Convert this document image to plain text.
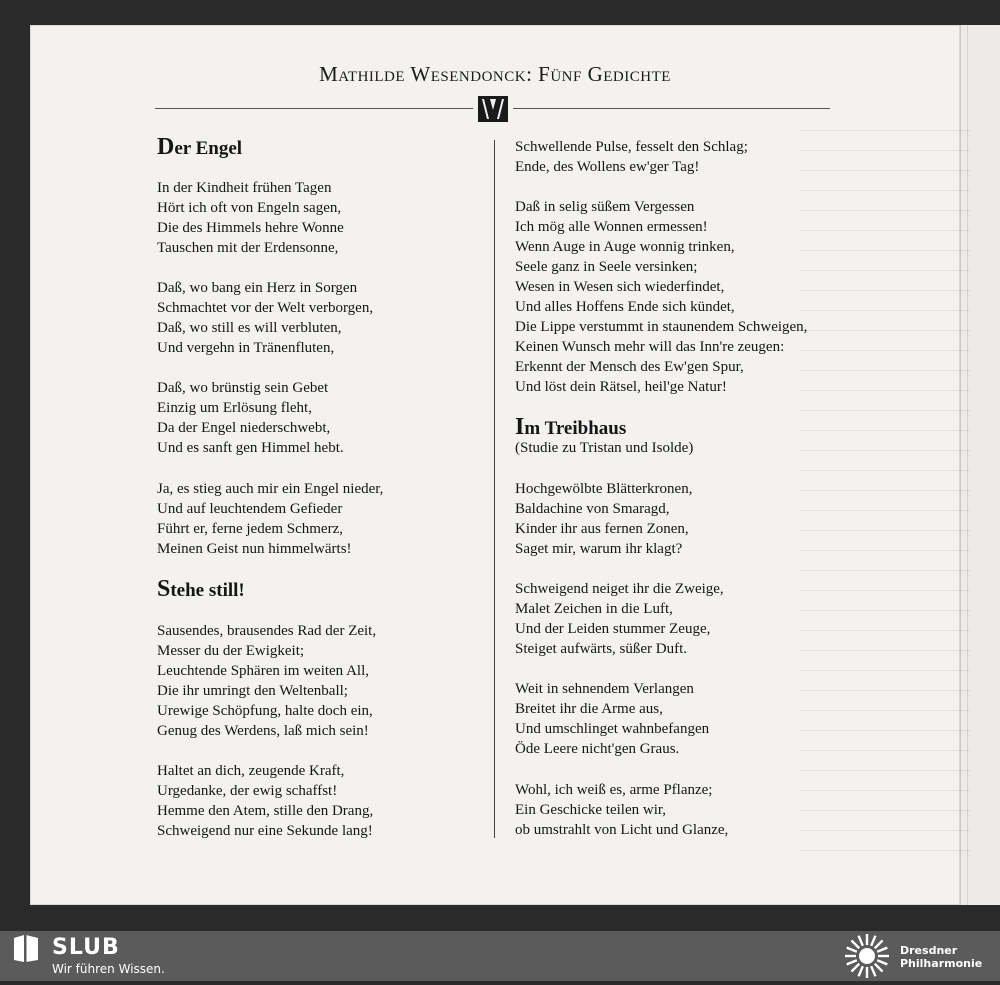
Mathilde Wesendonck: Fünf Gedichte
Der Engel
In der Kindheit frühen Tagen
Hört ich oft von Engeln sagen,
Die des Himmels hehre Wonne
Tauschen mit der Erdensonne,
Daß, wo bang ein Herz in Sorgen
Schmachtet vor der Welt verborgen,
Daß, wo still es will verbluten,
Und vergehn in Tränenfluten,
Daß, wo brünstig sein Gebet
Einzig um Erlösung fleht,
Da der Engel niederschwebt,
Und es sanft gen Himmel hebt.
Ja, es stieg auch mir ein Engel nieder,
Und auf leuchtendem Gefieder
Führt er, ferne jedem Schmerz,
Meinen Geist nun himmelwärts!
Stehe still!
Sausendes, brausendes Rad der Zeit,
Messer du der Ewigkeit;
Leuchtende Sphären im weiten All,
Die ihr umringt den Weltenball;
Urewige Schöpfung, halte doch ein,
Genug des Werdens, laß mich sein!
Haltet an dich, zeugende Kraft,
Urgedanke, der ewig schaffst!
Hemme den Atem, stille den Drang,
Schweigend nur eine Sekunde lang!
Schwellende Pulse, fesselt den Schlag;
Ende, des Wollens ew'ger Tag!
Daß in selig süßem Vergessen
Ich mög alle Wonnen ermessen!
Wenn Auge in Auge wonnig trinken,
Seele ganz in Seele versinken;
Wesen in Wesen sich wiederfindet,
Und alles Hoffens Ende sich kündet,
Die Lippe verstummt in staunendem Schweigen,
Keinen Wunsch mehr will das Inn're zeugen:
Erkennt der Mensch des Ew'gen Spur,
Und löst dein Rätsel, heil'ge Natur!
Im Treibhaus
(Studie zu Tristan und Isolde)
Hochgewölbte Blätterkronen,
Baldachine von Smaragd,
Kinder ihr aus fernen Zonen,
Saget mir, warum ihr klagt?
Schweigend neiget ihr die Zweige,
Malet Zeichen in die Luft,
Und der Leiden stummer Zeuge,
Steiget aufwärts, süßer Duft.
Weit in sehnendem Verlangen
Breitet ihr die Arme aus,
Und umschlinget wahnbefangen
Öde Leere nicht'gen Graus.
Wohl, ich weiß es, arme Pflanze;
Ein Geschicke teilen wir,
ob umstrahlt von Licht und Glanze,
SLUB
Wir führen Wissen.
Dresdner
Philharmonie
